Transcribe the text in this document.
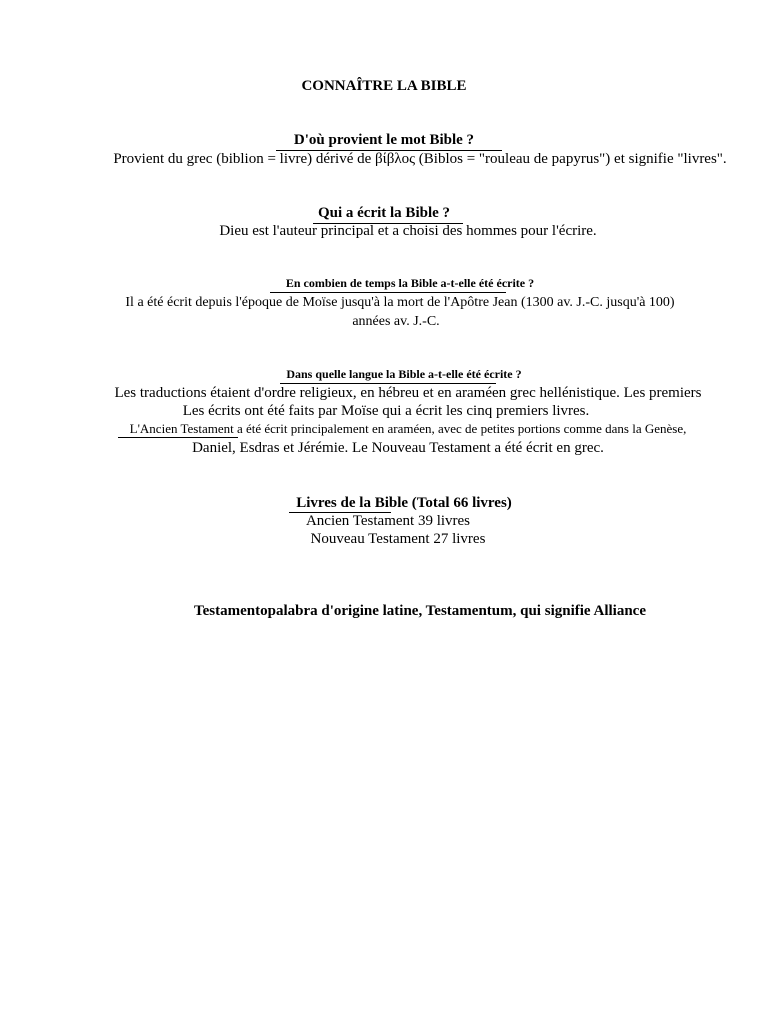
CONNAÎTRE LA BIBLE
D'où provient le mot Bible ?
Provient du grec (biblion = livre) dérivé de βίβλος (Biblos = "rouleau de papyrus") et signifie "livres".
Qui a écrit la Bible ?
Dieu est l'auteur principal et a choisi des hommes pour l'écrire.
En combien de temps la Bible a-t-elle été écrite ?
Il a été écrit depuis l'époque de Moïse jusqu'à la mort de l'Apôtre Jean (1300 av. J.-C. jusqu'à 100)
années av. J.-C.
Dans quelle langue la Bible a-t-elle été écrite ?
Les traductions étaient d'ordre religieux, en hébreu et en araméen grec hellénistique. Les premiers
Les écrits ont été faits par Moïse qui a écrit les cinq premiers livres.
L'Ancien Testament a été écrit principalement en araméen, avec de petites portions comme dans la Genèse,
Daniel, Esdras et Jérémie. Le Nouveau Testament a été écrit en grec.
Livres de la Bible (Total 66 livres)
Ancien Testament 39 livres
Nouveau Testament 27 livres
Testamentopalabra d'origine latine, Testamentum, qui signifie Alliance
